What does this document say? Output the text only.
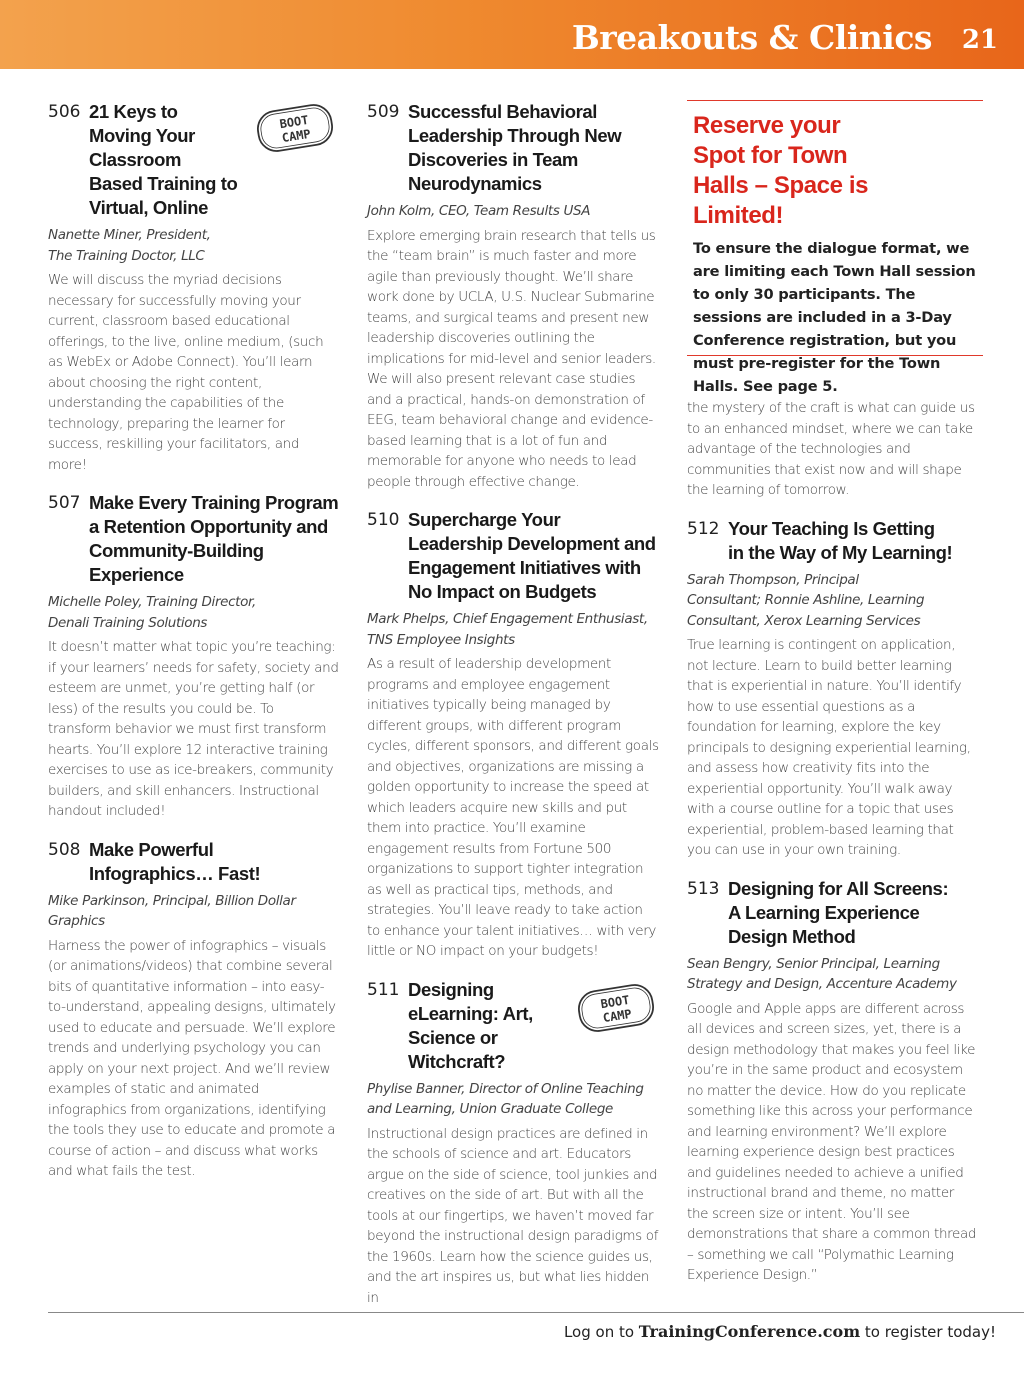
Breakouts & Clinics 21
506 21 Keys to Moving Your Classroom Based Training to Virtual, Online
BOOT
CAMP
Nanette Miner, President, The Training Doctor, LLC
We will discuss the myriad decisions necessary for successfully moving your current, classroom based educational offerings, to the live, online medium, (such as WebEx or Adobe Connect). You’ll learn about choosing the right content, understanding the capabilities of the technology, preparing the learner for success, reskilling your facilitators, and more!
507 Make Every Training Program a Retention Opportunity and Community-Building Experience
Michelle Poley, Training Director, Denali Training Solutions
It doesn’t matter what topic you’re teaching: if your learners’ needs for safety, society and esteem are unmet, you’re getting half (or less) of the results you could be. To transform behavior we must first transform hearts. You’ll explore 12 interactive training exercises to use as ice-breakers, community builders, and skill enhancers. Instructional handout included!
508 Make Powerful Infographics… Fast!
Mike Parkinson, Principal, Billion Dollar Graphics
Harness the power of infographics – visuals (or animations/videos) that combine several bits of quantitative information – into easy-to-understand, appealing designs, ultimately used to educate and persuade. We’ll explore trends and underlying psychology you can apply on your next project. And we’ll review examples of static and animated infographics from organizations, identifying the tools they use to educate and promote a course of action – and discuss what works and what fails the test.
509 Successful Behavioral Leadership Through New Discoveries in Team Neurodynamics
John Kolm, CEO, Team Results USA
Explore emerging brain research that tells us the “team brain” is much faster and more agile than previously thought. We’ll share work done by UCLA, U.S. Nuclear Submarine teams, and surgical teams and present new leadership discoveries outlining the implications for mid-level and senior leaders. We will also present relevant case studies and a practical, hands-on demonstration of EEG, team behavioral change and evidence-based learning that is a lot of fun and memorable for anyone who needs to lead people through effective change.
510 Supercharge Your Leadership Development and Engagement Initiatives with No Impact on Budgets
Mark Phelps, Chief Engagement Enthusiast, TNS Employee Insights
As a result of leadership development programs and employee engagement initiatives typically being managed by different groups, with different program cycles, different sponsors, and different goals and objectives, organizations are missing a golden opportunity to increase the speed at which leaders acquire new skills and put them into practice. You’ll examine engagement results from Fortune 500 organizations to support tighter integration as well as practical tips, methods, and strategies. You’ll leave ready to take action to enhance your talent initiatives… with very little or NO impact on your budgets!
511 Designing eLearning: Art, Science or Witchcraft?
BOOT
CAMP
Phylise Banner, Director of Online Teaching and Learning, Union Graduate College
Instructional design practices are defined in the schools of science and art. Educators argue on the side of science, tool junkies and creatives on the side of art. But with all the tools at our fingertips, we haven’t moved far beyond the instructional design paradigms of the 1960s. Learn how the science guides us, and the art inspires us, but what lies hidden in
Reserve your Spot for Town Halls – Space is Limited!
To ensure the dialogue format, we are limiting each Town Hall session to only 30 participants. The sessions are included in a 3-Day Conference registration, but you must pre-register for the Town Halls. See page 5.
the mystery of the craft is what can guide us to an enhanced mindset, where we can take advantage of the technologies and communities that exist now and will shape the learning of tomorrow.
512 Your Teaching Is Getting in the Way of My Learning!
Sarah Thompson, Principal Consultant; Ronnie Ashline, Learning Consultant, Xerox Learning Services
True learning is contingent on application, not lecture. Learn to build better learning that is experiential in nature. You’ll identify how to use essential questions as a foundation for learning, explore the key principals to designing experiential learning, and assess how creativity fits into the experiential opportunity. You’ll walk away with a course outline for a topic that uses experiential, problem-based learning that you can use in your own training.
513 Designing for All Screens: A Learning Experience Design Method
Sean Bengry, Senior Principal, Learning Strategy and Design, Accenture Academy
Google and Apple apps are different across all devices and screen sizes, yet, there is a design methodology that makes you feel like you’re in the same product and ecosystem no matter the device. How do you replicate something like this across your performance and learning environment? We’ll explore learning experience design best practices and guidelines needed to achieve a unified instructional brand and theme, no matter the screen size or intent. You’ll see demonstrations that share a common thread – something we call “Polymathic Learning Experience Design.”
Log on to TrainingConference.com to register today!
